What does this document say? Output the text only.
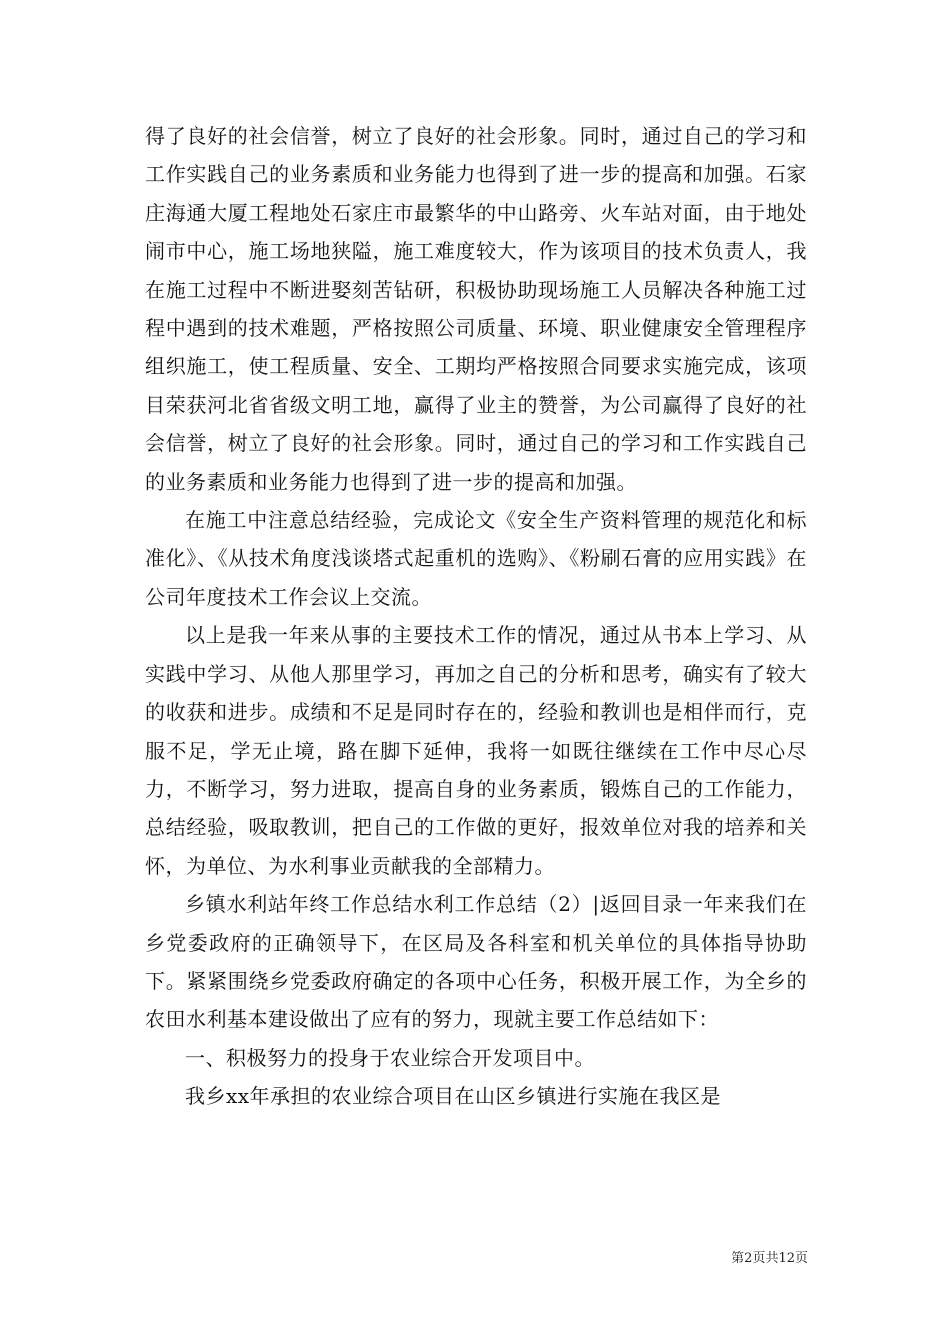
得了良好的社会信誉，树立了良好的社会形象。同时，通过自己的学习和工作实践自己的业务素质和业务能力也得到了进一步的提高和加强。石家庄海通大厦工程地处石家庄市最繁华的中山路旁、火车站对面，由于地处闹市中心，施工场地狭隘，施工难度较大，作为该项目的技术负责人，我在施工过程中不断进娶刻苦钻研，积极协助现场施工人员解决各种施工过程中遇到的技术难题，严格按照公司质量、环境、职业健康安全管理程序组织施工，使工程质量、安全、工期均严格按照合同要求实施完成，该项目荣获河北省省级文明工地，赢得了业主的赞誉，为公司赢得了良好的社会信誉，树立了良好的社会形象。同时，通过自己的学习和工作实践自己的业务素质和业务能力也得到了进一步的提高和加强。

在施工中注意总结经验，完成论文《安全生产资料管理的规范化和标准化》、《从技术角度浅谈塔式起重机的选购》、《粉刷石膏的应用实践》在公司年度技术工作会议上交流。

以上是我一年来从事的主要技术工作的情况，通过从书本上学习、从实践中学习、从他人那里学习，再加之自己的分析和思考，确实有了较大的收获和进步。成绩和不足是同时存在的，经验和教训也是相伴而行，克服不足，学无止境，路在脚下延伸，我将一如既往继续在工作中尽心尽力，不断学习，努力进取，提高自身的业务素质，锻炼自己的工作能力，总结经验，吸取教训，把自己的工作做的更好，报效单位对我的培养和关怀，为单位、为水利事业贡献我的全部精力。

乡镇水利站年终工作总结水利工作总结（2）|返回目录一年来我们在乡党委政府的正确领导下，在区局及各科室和机关单位的具体指导协助下。紧紧围绕乡党委政府确定的各项中心任务，积极开展工作，为全乡的农田水利基本建设做出了应有的努力，现就主要工作总结如下：

一、积极努力的投身于农业综合开发项目中。

我乡xx年承担的农业综合项目在山区乡镇进行实施在我区是

第2页共12页
